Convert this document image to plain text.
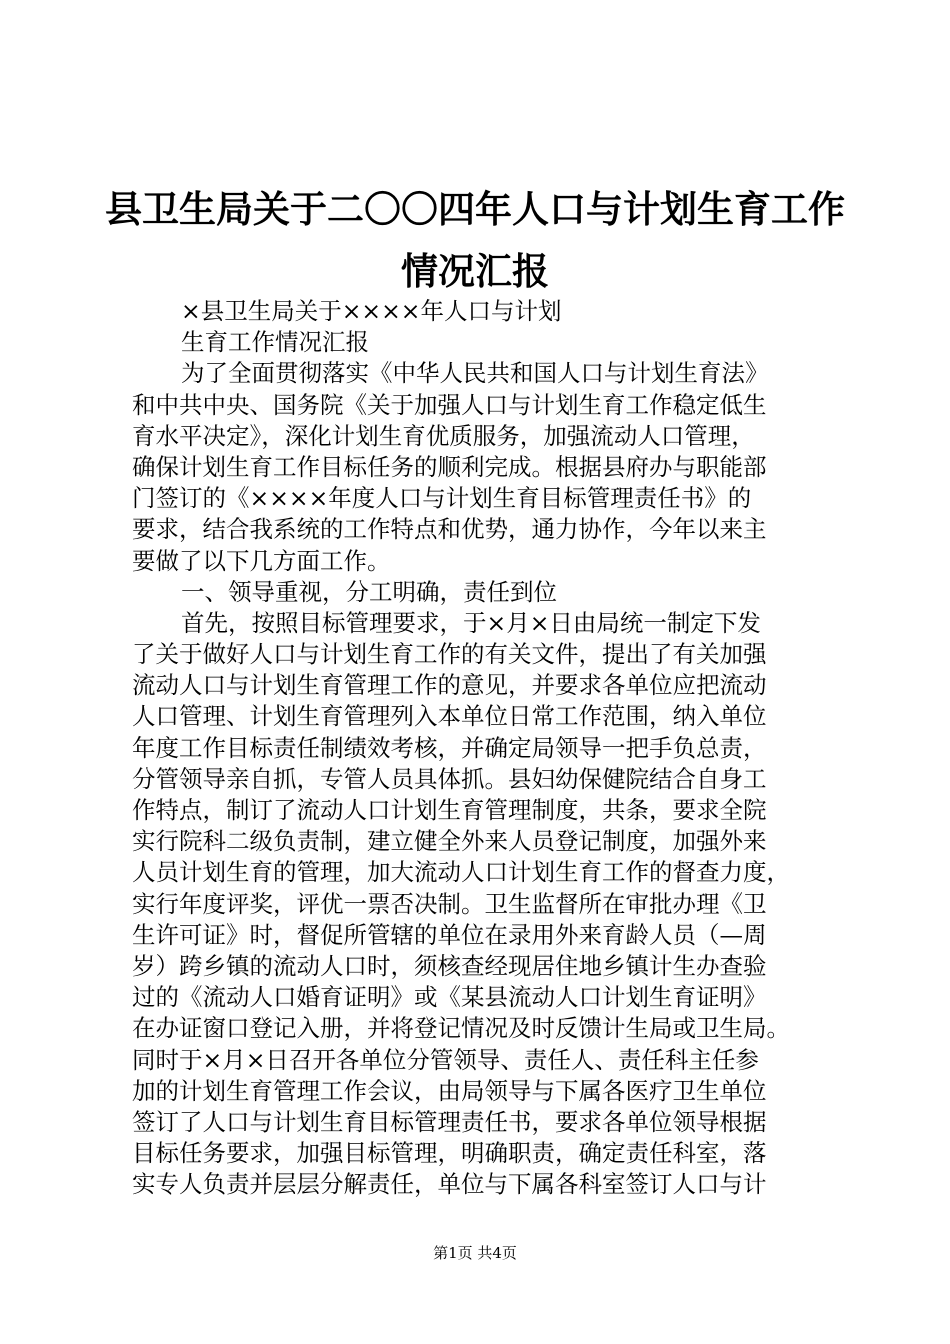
县卫生局关于二〇〇四年人口与计划生育工作
情况汇报
×县卫生局关于××××年人口与计划
生育工作情况汇报
为了全面贯彻落实《中华人民共和国人口与计划生育法》
和中共中央、国务院《关于加强人口与计划生育工作稳定低生
育水平决定》，深化计划生育优质服务，加强流动人口管理，
确保计划生育工作目标任务的顺利完成。根据县府办与职能部
门签订的《××××年度人口与计划生育目标管理责任书》的
要求，结合我系统的工作特点和优势，通力协作，今年以来主
要做了以下几方面工作。
一、领导重视，分工明确，责任到位
首先，按照目标管理要求，于×月×日由局统一制定下发
了关于做好人口与计划生育工作的有关文件，提出了有关加强
流动人口与计划生育管理工作的意见，并要求各单位应把流动
人口管理、计划生育管理列入本单位日常工作范围，纳入单位
年度工作目标责任制绩效考核，并确定局领导一把手负总责，
分管领导亲自抓，专管人员具体抓。县妇幼保健院结合自身工
作特点，制订了流动人口计划生育管理制度，共条，要求全院
实行院科二级负责制，建立健全外来人员登记制度，加强外来
人员计划生育的管理，加大流动人口计划生育工作的督查力度，
实行年度评奖，评优一票否决制。卫生监督所在审批办理《卫
生许可证》时，督促所管辖的单位在录用外来育龄人员（—周
岁）跨乡镇的流动人口时，须核查经现居住地乡镇计生办查验
过的《流动人口婚育证明》或《某县流动人口计划生育证明》
在办证窗口登记入册，并将登记情况及时反馈计生局或卫生局。
同时于×月×日召开各单位分管领导、责任人、责任科主任参
加的计划生育管理工作会议，由局领导与下属各医疗卫生单位
签订了人口与计划生育目标管理责任书，要求各单位领导根据
目标任务要求，加强目标管理，明确职责，确定责任科室，落
实专人负责并层层分解责任，单位与下属各科室签订人口与计
第1页 共4页
